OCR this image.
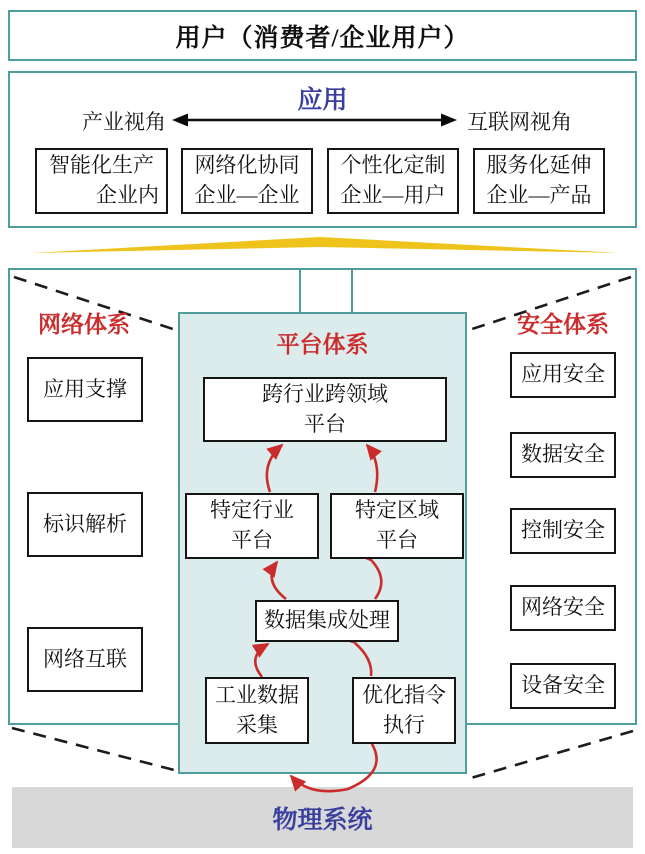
用户（消费者/企业用户）
应用
产业视角	互联网视角
智能化生产
企业内
网络化协同
企业—企业
个性化定制
企业—用户
服务化延伸
企业—产品
网络体系
平台体系
安全体系
应用支撑
标识解析
网络互联
应用安全
数据安全
控制安全
网络安全
设备安全
跨行业跨领域
平台
特定行业
平台
特定区域
平台
数据集成处理
工业数据
采集
优化指令
执行
物理系统
